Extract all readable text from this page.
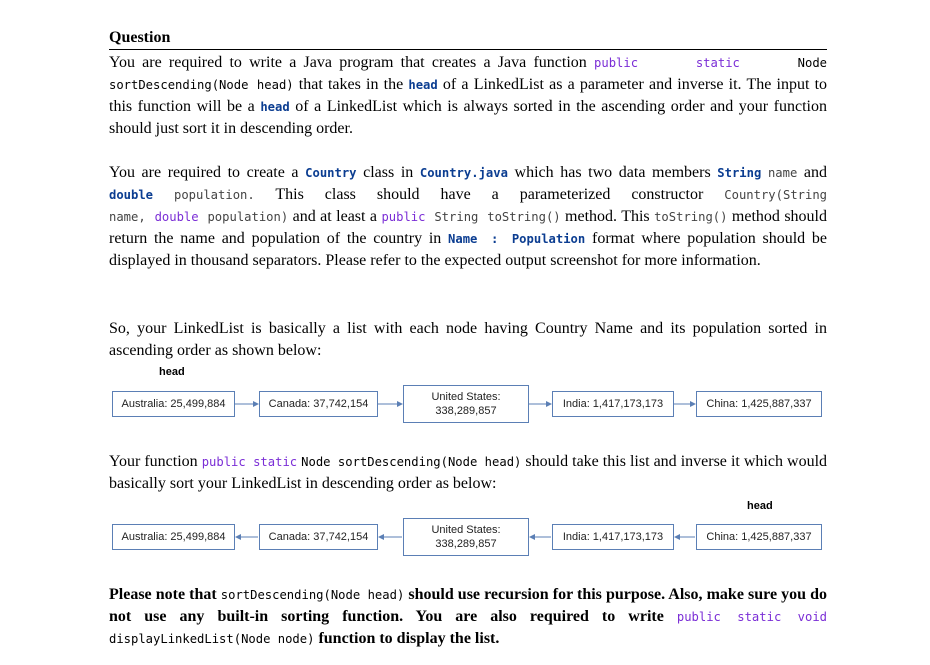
Question
You are required to write a Java program that creates a Java function public	static	Node sortDescending(Node head) that takes in the head of a LinkedList as a parameter and inverse it. The input to this function will be a head of a LinkedList which is always sorted in the ascending order and your function should just sort it in descending order.
You are required to create a Country class in Country.java which has two data members String name and double population. This class should have a parameterized constructor Country(String name, double population) and at least a public String toString() method. This toString() method should return the name and population of the country in Name : Population format where population should be displayed in thousand separators. Please refer to the expected output screenshot for more information.
So, your LinkedList is basically a list with each node having Country Name and its population sorted in ascending order as shown below:
head
Australia: 25,499,884	Canada: 37,742,154
United States: 338,289,857
India: 1,417,173,173	China: 1,425,887,337
Your function public static Node sortDescending(Node head) should take this list and inverse it which would basically sort your LinkedList in descending order as below:
head
Australia: 25,499,884	Canada: 37,742,154
United States: 338,289,857
India: 1,417,173,173	China: 1,425,887,337
Please note that sortDescending(Node head) should use recursion for this purpose. Also, make sure you do not use any built-in sorting function. You are also required to write public static void displayLinkedList(Node node) function to display the list.
